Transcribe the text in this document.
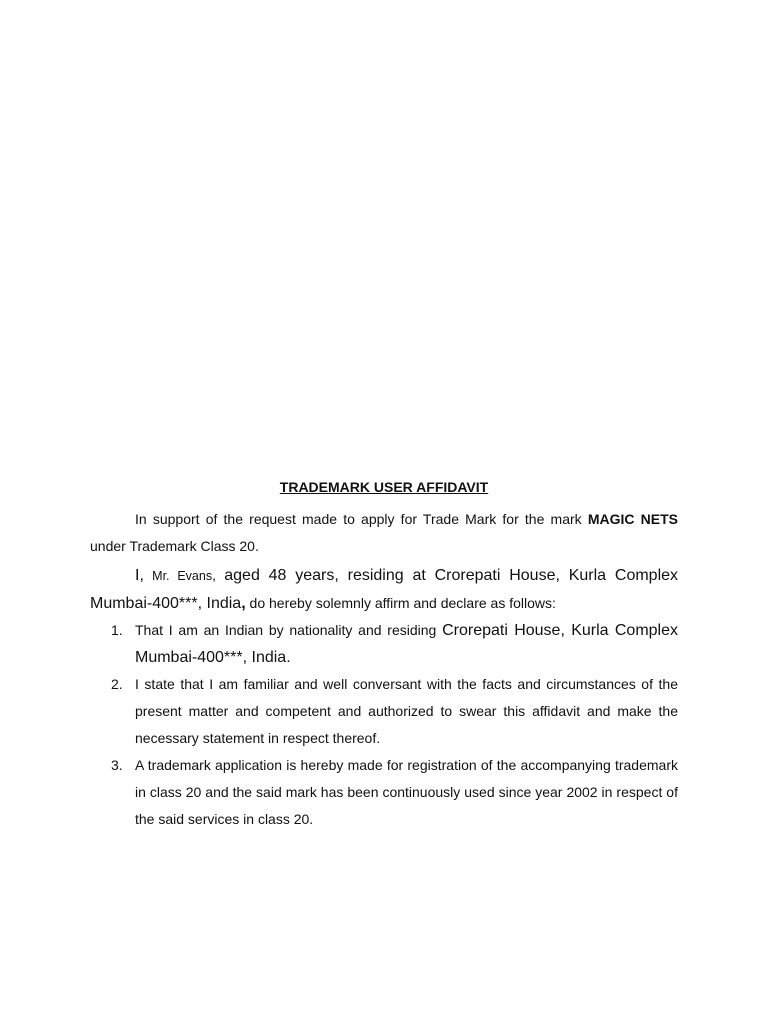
TRADEMARK USER AFFIDAVIT

In support of the request made to apply for Trade Mark for the mark MAGIC NETS under Trademark Class 20.

I, Mr. Evans, aged 48 years, residing at Crorepati House, Kurla Complex Mumbai-400***, India, do hereby solemnly affirm and declare as follows:

1. That I am an Indian by nationality and residing Crorepati House, Kurla Complex Mumbai-400***, India.
2. I state that I am familiar and well conversant with the facts and circumstances of the present matter and competent and authorized to swear this affidavit and make the necessary statement in respect thereof.
3. A trademark application is hereby made for registration of the accompanying trademark in class 20 and the said mark has been continuously used since year 2002 in respect of the said services in class 20.
